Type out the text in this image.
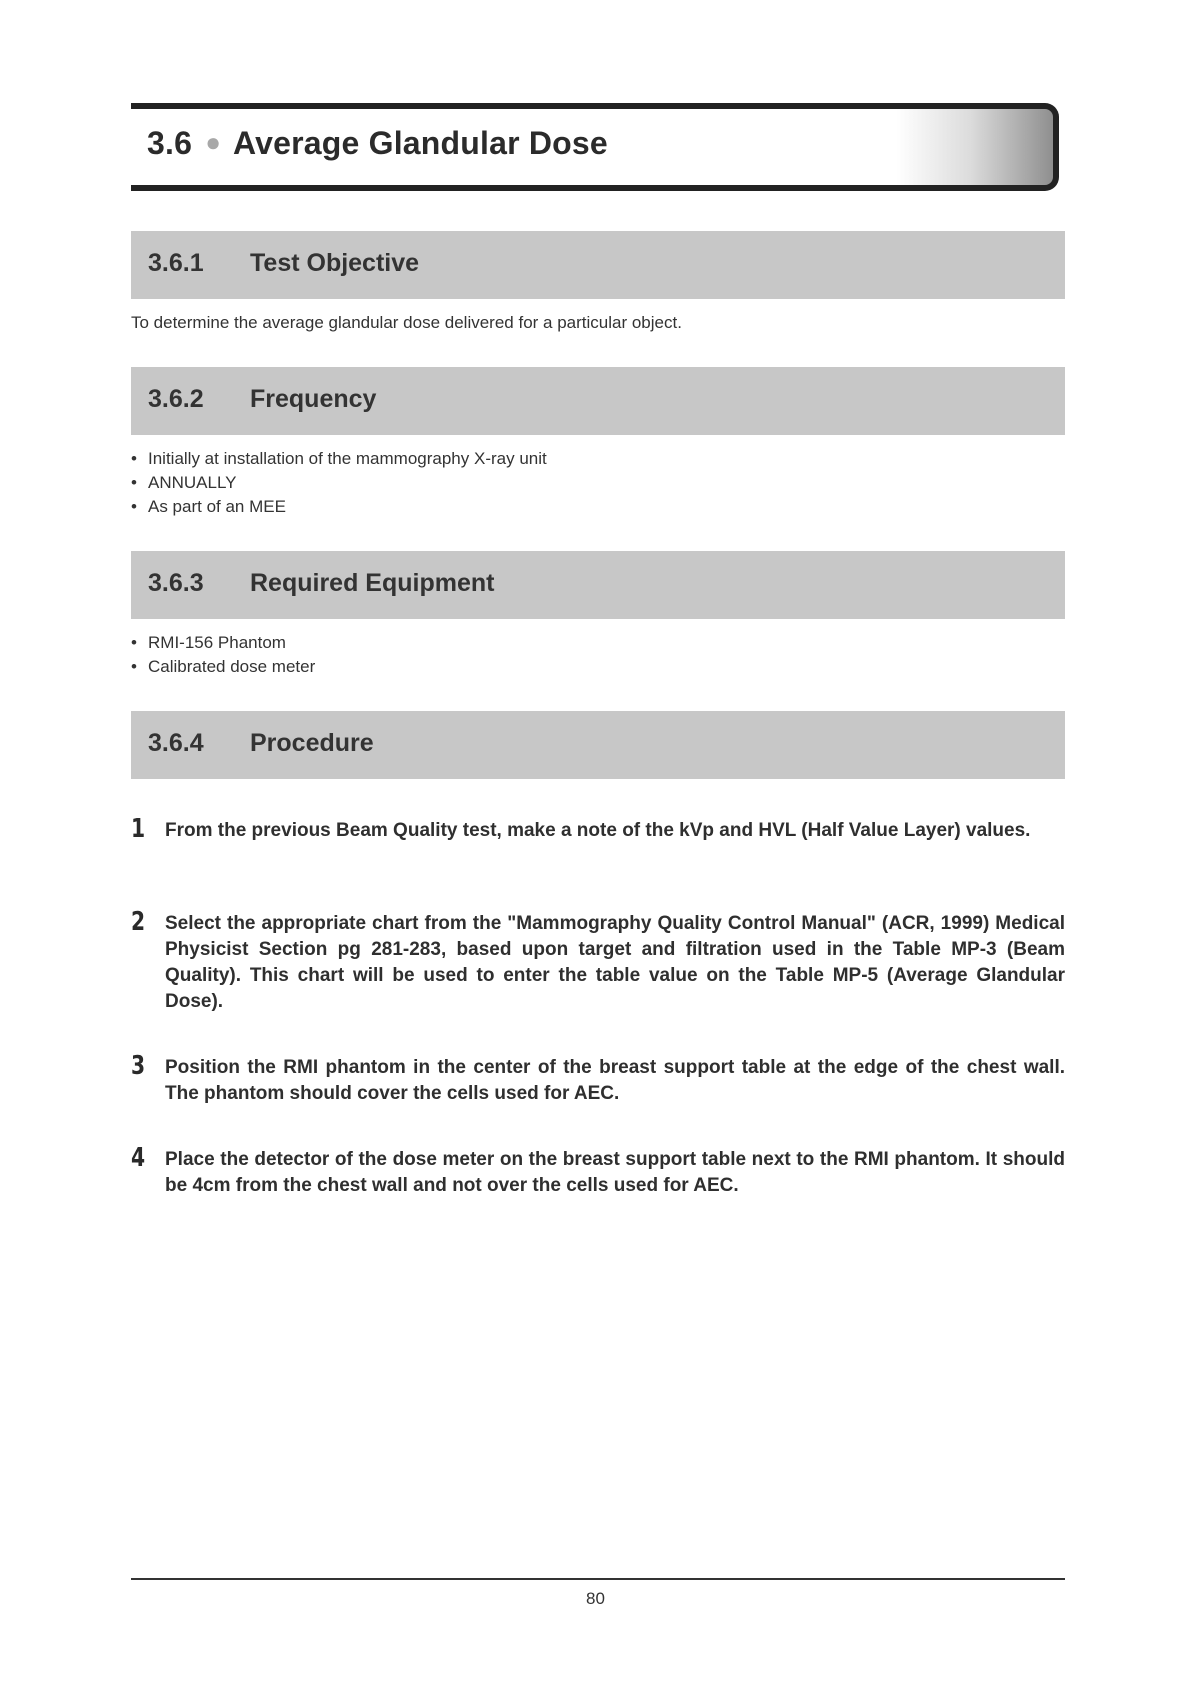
3.6 ● Average Glandular Dose
3.6.1 Test Objective

To determine the average glandular dose delivered for a particular object.

3.6.2 Frequency
• Initially at installation of the mammography X-ray unit
• ANNUALLY
• As part of an MEE
3.6.3 Required Equipment
• RMI-156 Phantom
• Calibrated dose meter
3.6.4 Procedure
1 From the previous Beam Quality test, make a note of the kVp and HVL (Half Value Layer) values.

2 Select the appropriate chart from the "Mammography Quality Control Manual" (ACR, 1999) Medical Physicist Section pg 281-283, based upon target and filtration used in the Table MP-3 (Beam Quality). This chart will be used to enter the table value on the Table MP-5 (Average Glandular Dose).

3 Position the RMI phantom in the center of the breast support table at the edge of the chest wall. The phantom should cover the cells used for AEC.

4 Place the detector of the dose meter on the breast support table next to the RMI phantom. It should be 4cm from the chest wall and not over the cells used for AEC.

80
